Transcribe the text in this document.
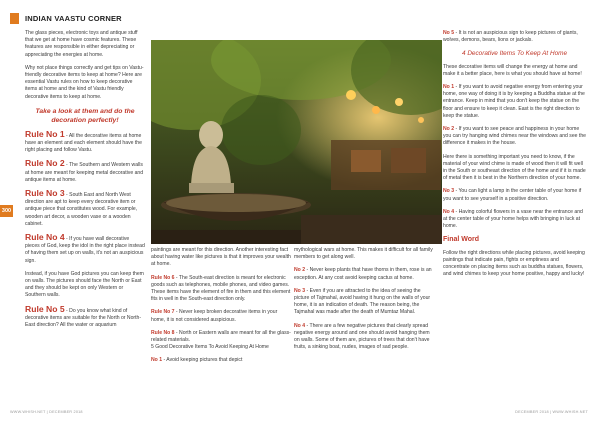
INDIAN VAASTU CORNER

The glass pieces, electronic toys and antique stuff that we get at home have cosmic features. These features are responsible in either depreciating or appreciating the energies at home.

Why not place things correctly and get tips on Vastu-friendly decorative items to keep at home? Here are essential Vastu rules on how to keep decorative items at home and the kind of Vastu friendly decorative items to keep at home.

Take a look at them and do the decoration perfectly!

Rule No 1 - All the decorative items at home have an element and each element should have the right placing and follow Vastu.

Rule No 2 - The Southern and Western walls at home are meant for keeping metal decorative and antique items at home.

Rule No 3 - South East and North West direction are apt to keep every decorative item or antique piece that constitutes wood. For example, wooden art decor, a wooden vase or a wooden cabinet.

Rule No 4 - If you have wall decorative pieces of God, keep the idol in the right place instead of having them set up on walls, it's not an auspicious sign.

Instead, if you have God pictures you can keep them on walls. The pictures should face the North or East and they should be kept on only Western or Southern walls.

Rule No 5 - Do you know what kind of decorative items are suitable for the North or North-East direction? All the water or aquarium

300

paintings are meant for this direction. Another interesting fact about having water like pictures is that it improves your wealth at home.

Rule No 6 - The South-east direction is meant for electronic goods such as telephones, mobile phones, and video games. These items have the element of fire in them and this element fits in well in the South-east direction only.

Rule No 7 - Never keep broken decorative items in your home, it is not considered auspicious.

Rule No 8 - North or Eastern walls are meant for all the glass-related materials.

5 Good Decorative Items To Avoid Keeping At Home

No 1 - Avoid keeping pictures that depict

mythological wars at home. This makes it difficult for all family members to get along well.

No 2 - Never keep plants that have thorns in them, rose is an exception. At any cost avoid keeping cactus at home.

No 3 - Even if you are attracted to the idea of seeing the picture of Tajmahal, avoid having it hung on the walls of your home, it is an indication of death. The reason being, the Tajmahal was made after the death of Mumtaz Mahal.

No 4 - There are a few negative pictures that clearly spread negative energy around and one should avoid hanging them on walls. Some of them are, pictures of trees that don't have fruits, a sinking boat, nudes, images of sad people.

No 5 - It is not an auspicious sign to keep pictures of giants, wolves, demons, bears, lions or jackals.

4 Decorative Items To Keep At Home

These decorative items will change the energy at home and make it a better place, here is what you should have at home!

No 1 - If you want to avoid negative energy from entering your home, one way of doing it is by keeping a Buddha statue at the entrance. Keep in mind that you don't keep the statue on the floor and ensure to keep it clean. East is the right direction to keep the statue.

No 2 - If you want to see peace and happiness in your home you can try hanging wind chimes near the windows and see the difference it makes in the house.

Here there is something important you need to know, if the material of your wind chime is made of wood then it will fit well in the South or southeast direction of the home and if it is made of metal then it is best in the Northern direction of your home.

No 3 - You can light a lamp in the center table of your home if you want to see yourself in a positive direction.

No 4 - Having colorful flowers in a vase near the entrance and at the center table of your home helps with bringing in luck at home.

Final Word

Follow the right directions while placing pictures, avoid keeping paintings that indicate pain, fights or emptiness and concentrate on placing items such as buddha statues, flowers, and wind chimes to keep your home positive, happy and lucky!

WWW.WHISH.NET | DECEMBER 2018	DECEMBER 2018 | WWW.WHISH.NET
